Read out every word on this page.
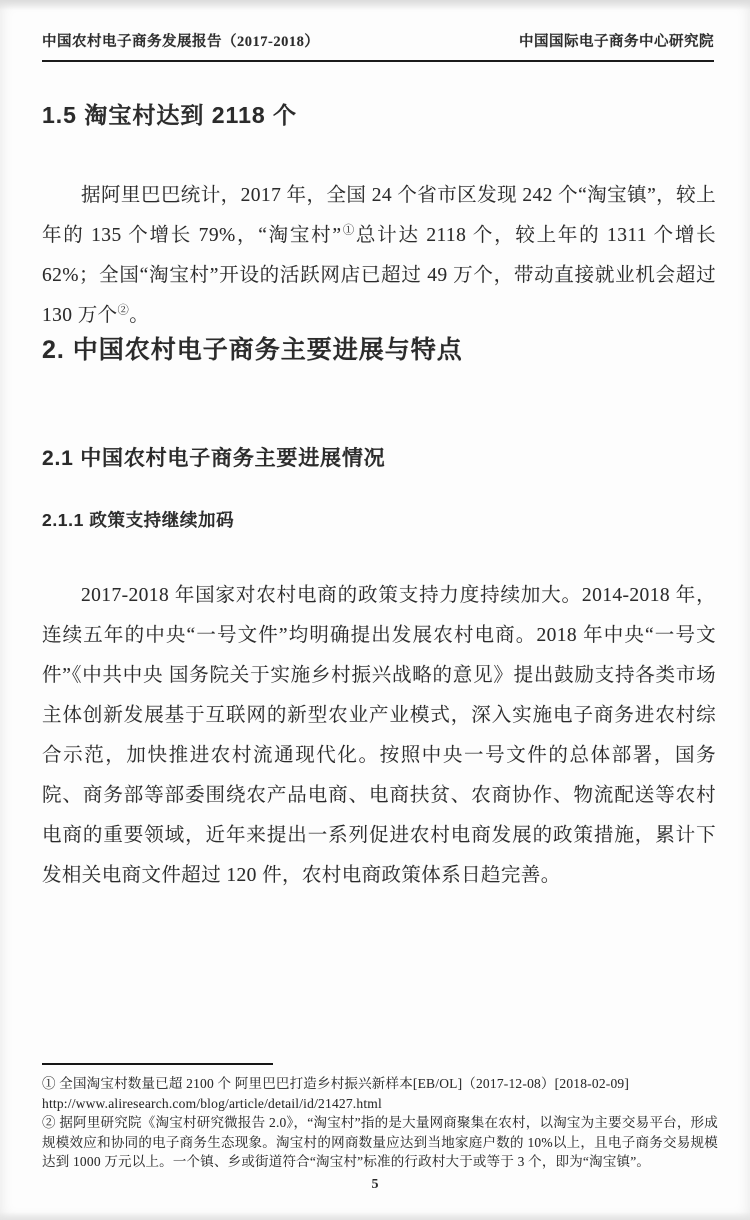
中国农村电子商务发展报告（2017-2018）	中国国际电子商务中心研究院
1.5 淘宝村达到 2118 个

据阿里巴巴统计，2017 年，全国 24 个省市区发现 242 个“淘宝镇”，较上年的 135 个增长 79%，“淘宝村”①总计达 2118 个，较上年的 1311 个增长 62%；全国“淘宝村”开设的活跃网店已超过 49 万个，带动直接就业机会超过 130 万个②。

2. 中国农村电子商务主要进展与特点
2.1 中国农村电子商务主要进展情况
2.1.1 政策支持继续加码

2017-2018 年国家对农村电商的政策支持力度持续加大。2014-2018 年，连续五年的中央“一号文件”均明确提出发展农村电商。2018 年中央“一号文件”《中共中央 国务院关于实施乡村振兴战略的意见》提出鼓励支持各类市场主体创新发展基于互联网的新型农业产业模式，深入实施电子商务进农村综合示范，加快推进农村流通现代化。按照中央一号文件的总体部署，国务院、商务部等部委围绕农产品电商、电商扶贫、农商协作、物流配送等农村电商的重要领域，近年来提出一系列促进农村电商发展的政策措施，累计下发相关电商文件超过 120 件，农村电商政策体系日趋完善。

① 全国淘宝村数量已超 2100 个 阿里巴巴打造乡村振兴新样本[EB/OL]（2017-12-08）[2018-02-09]

http://www.aliresearch.com/blog/article/detail/id/21427.html

② 据阿里研究院《淘宝村研究微报告 2.0》，“淘宝村”指的是大量网商聚集在农村，以淘宝为主要交易平台，形成规模效应和协同的电子商务生态现象。淘宝村的网商数量应达到当地家庭户数的 10%以上，且电子商务交易规模达到 1000 万元以上。一个镇、乡或街道符合“淘宝村”标准的行政村大于或等于 3 个，即为“淘宝镇”。

5
